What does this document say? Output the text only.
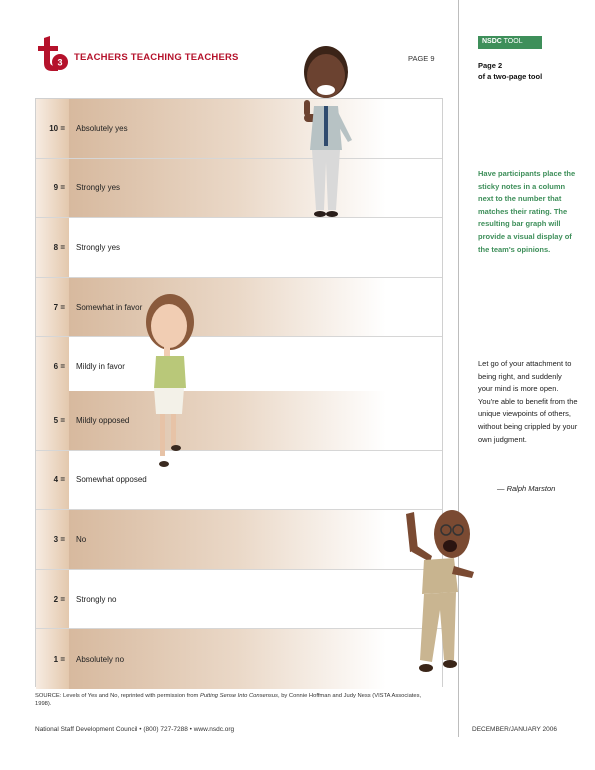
3 TEACHERS TEACHING TEACHERS	PAGE 9
NSDC TOOL
Page 2
of a two-page tool
Have participants place the sticky notes in a column next to the number that matches their rating. The resulting bar graph will provide a visual display of the team's opinions.
Let go of your attachment to being right, and suddenly your mind is more open. You're able to benefit from the unique viewpoints of others, without being crippled by your own judgment.
— Ralph Marston
10 =	Absolutely yes
9 =	Strongly yes
8 =	Strongly yes
7 =	Somewhat in favor
6 =	Mildly in favor
5 =	Mildly opposed
4 =	Somewhat opposed
3 =	No
2 =	Strongly no
1 =	Absolutely no
SOURCE: Levels of Yes and No, reprinted with permission from Putting Sense Into Consensus, by Connie Hoffman and Judy Ness (VISTA Associates, 1998).
National Staff Development Council • (800) 727-7288 • www.nsdc.org	DECEMBER/JANUARY 2006
